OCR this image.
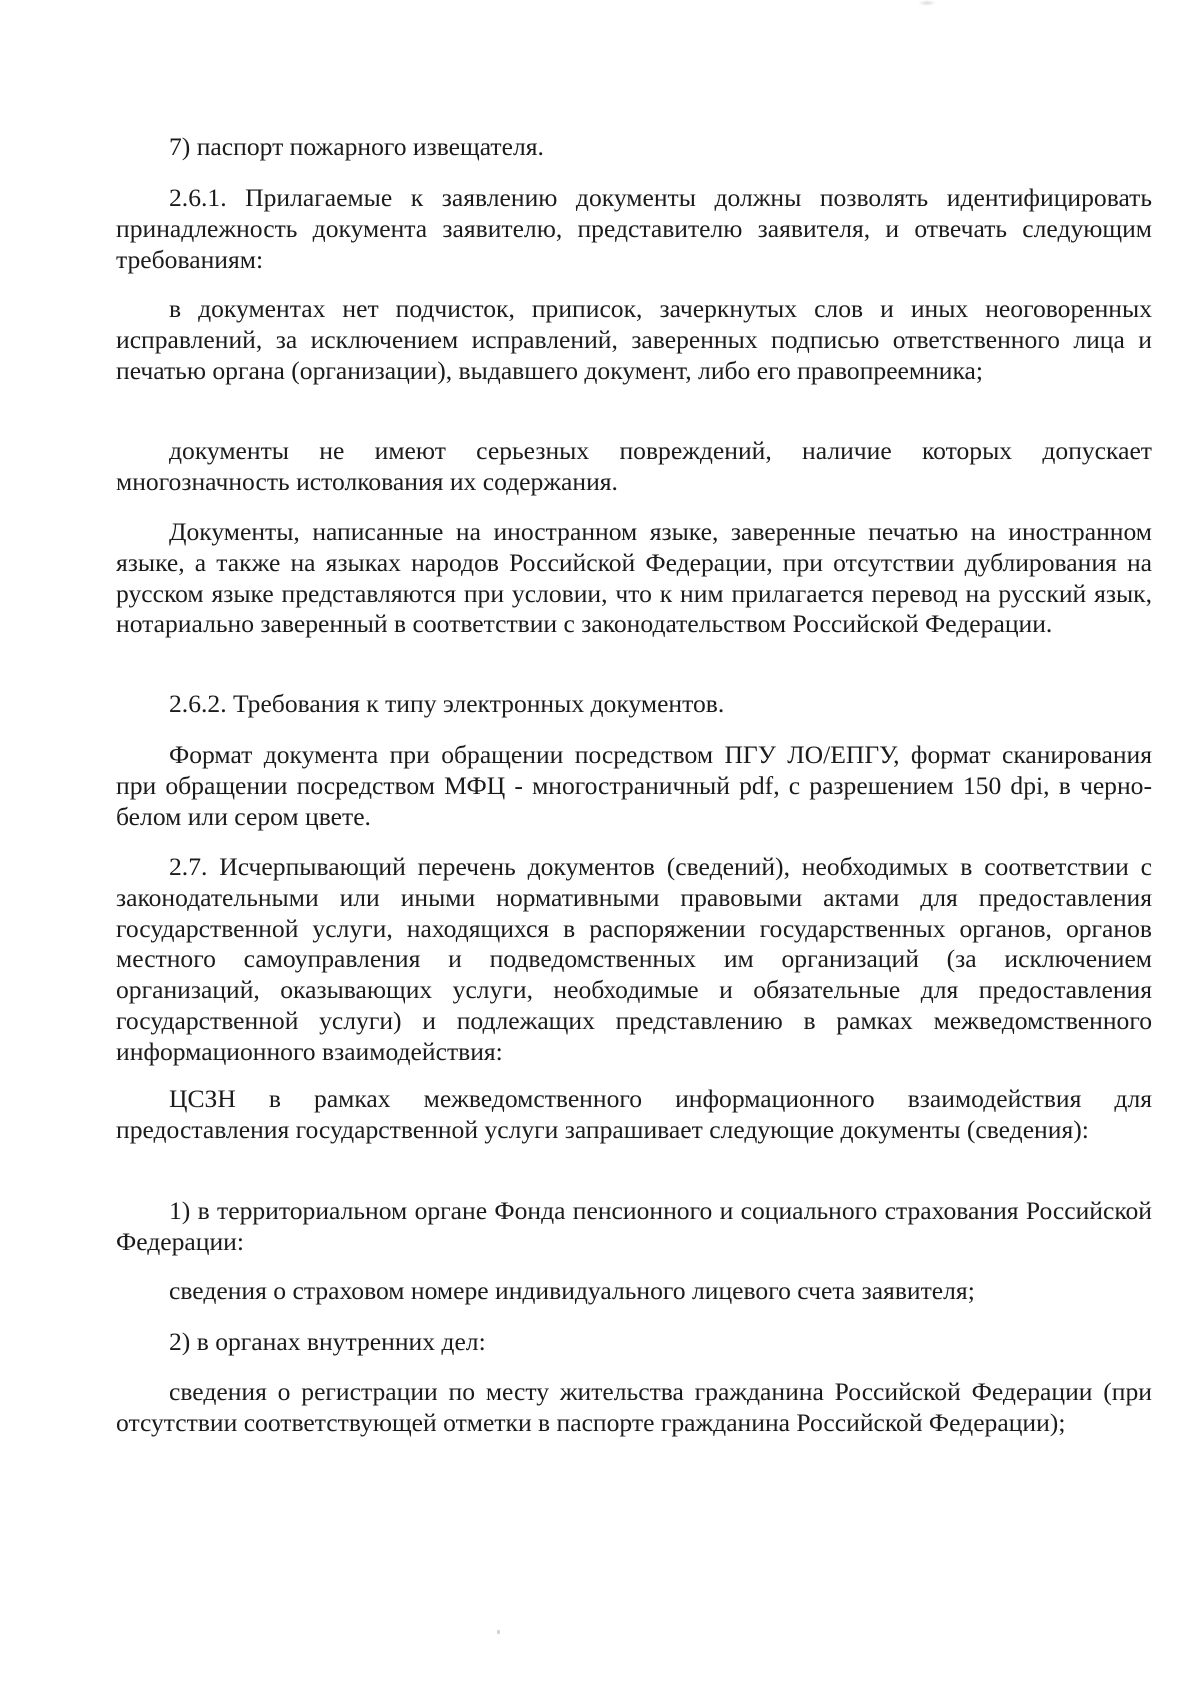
7) паспорт пожарного извещателя.

2.6.1. Прилагаемые к заявлению документы должны позволять идентифицировать принадлежность документа заявителю, представителю заявителя, и отвечать следующим требованиям:

в документах нет подчисток, приписок, зачеркнутых слов и иных неоговоренных исправлений, за исключением исправлений, заверенных подписью ответственного лица и печатью органа (организации), выдавшего документ, либо его правопреемника;

документы не имеют серьезных повреждений, наличие которых допускает многозначность истолкования их содержания.

Документы, написанные на иностранном языке, заверенные печатью на иностранном языке, а также на языках народов Российской Федерации, при отсутствии дублирования на русском языке представляются при условии, что к ним прилагается перевод на русский язык, нотариально заверенный в соответствии с законодательством Российской Федерации.

2.6.2. Требования к типу электронных документов.

Формат документа при обращении посредством ПГУ ЛО/ЕПГУ, формат сканирования при обращении посредством МФЦ - многостраничный pdf, с разрешением 150 dpi, в черно-белом или сером цвете.

2.7. Исчерпывающий перечень документов (сведений), необходимых в соответствии с законодательными или иными нормативными правовыми актами для предоставления государственной услуги, находящихся в распоряжении государственных органов, органов местного самоуправления и подведомственных им организаций (за исключением организаций, оказывающих услуги, необходимые и обязательные для предоставления государственной услуги) и подлежащих представлению в рамках межведомственного информационного взаимодействия:

ЦСЗН в рамках межведомственного информационного взаимодействия для предоставления государственной услуги запрашивает следующие документы (сведения):

1) в территориальном органе Фонда пенсионного и социального страхования Российской Федерации:

сведения о страховом номере индивидуального лицевого счета заявителя;

2) в органах внутренних дел:

сведения о регистрации по месту жительства гражданина Российской Федерации (при отсутствии соответствующей отметки в паспорте гражданина Российской Федерации);
